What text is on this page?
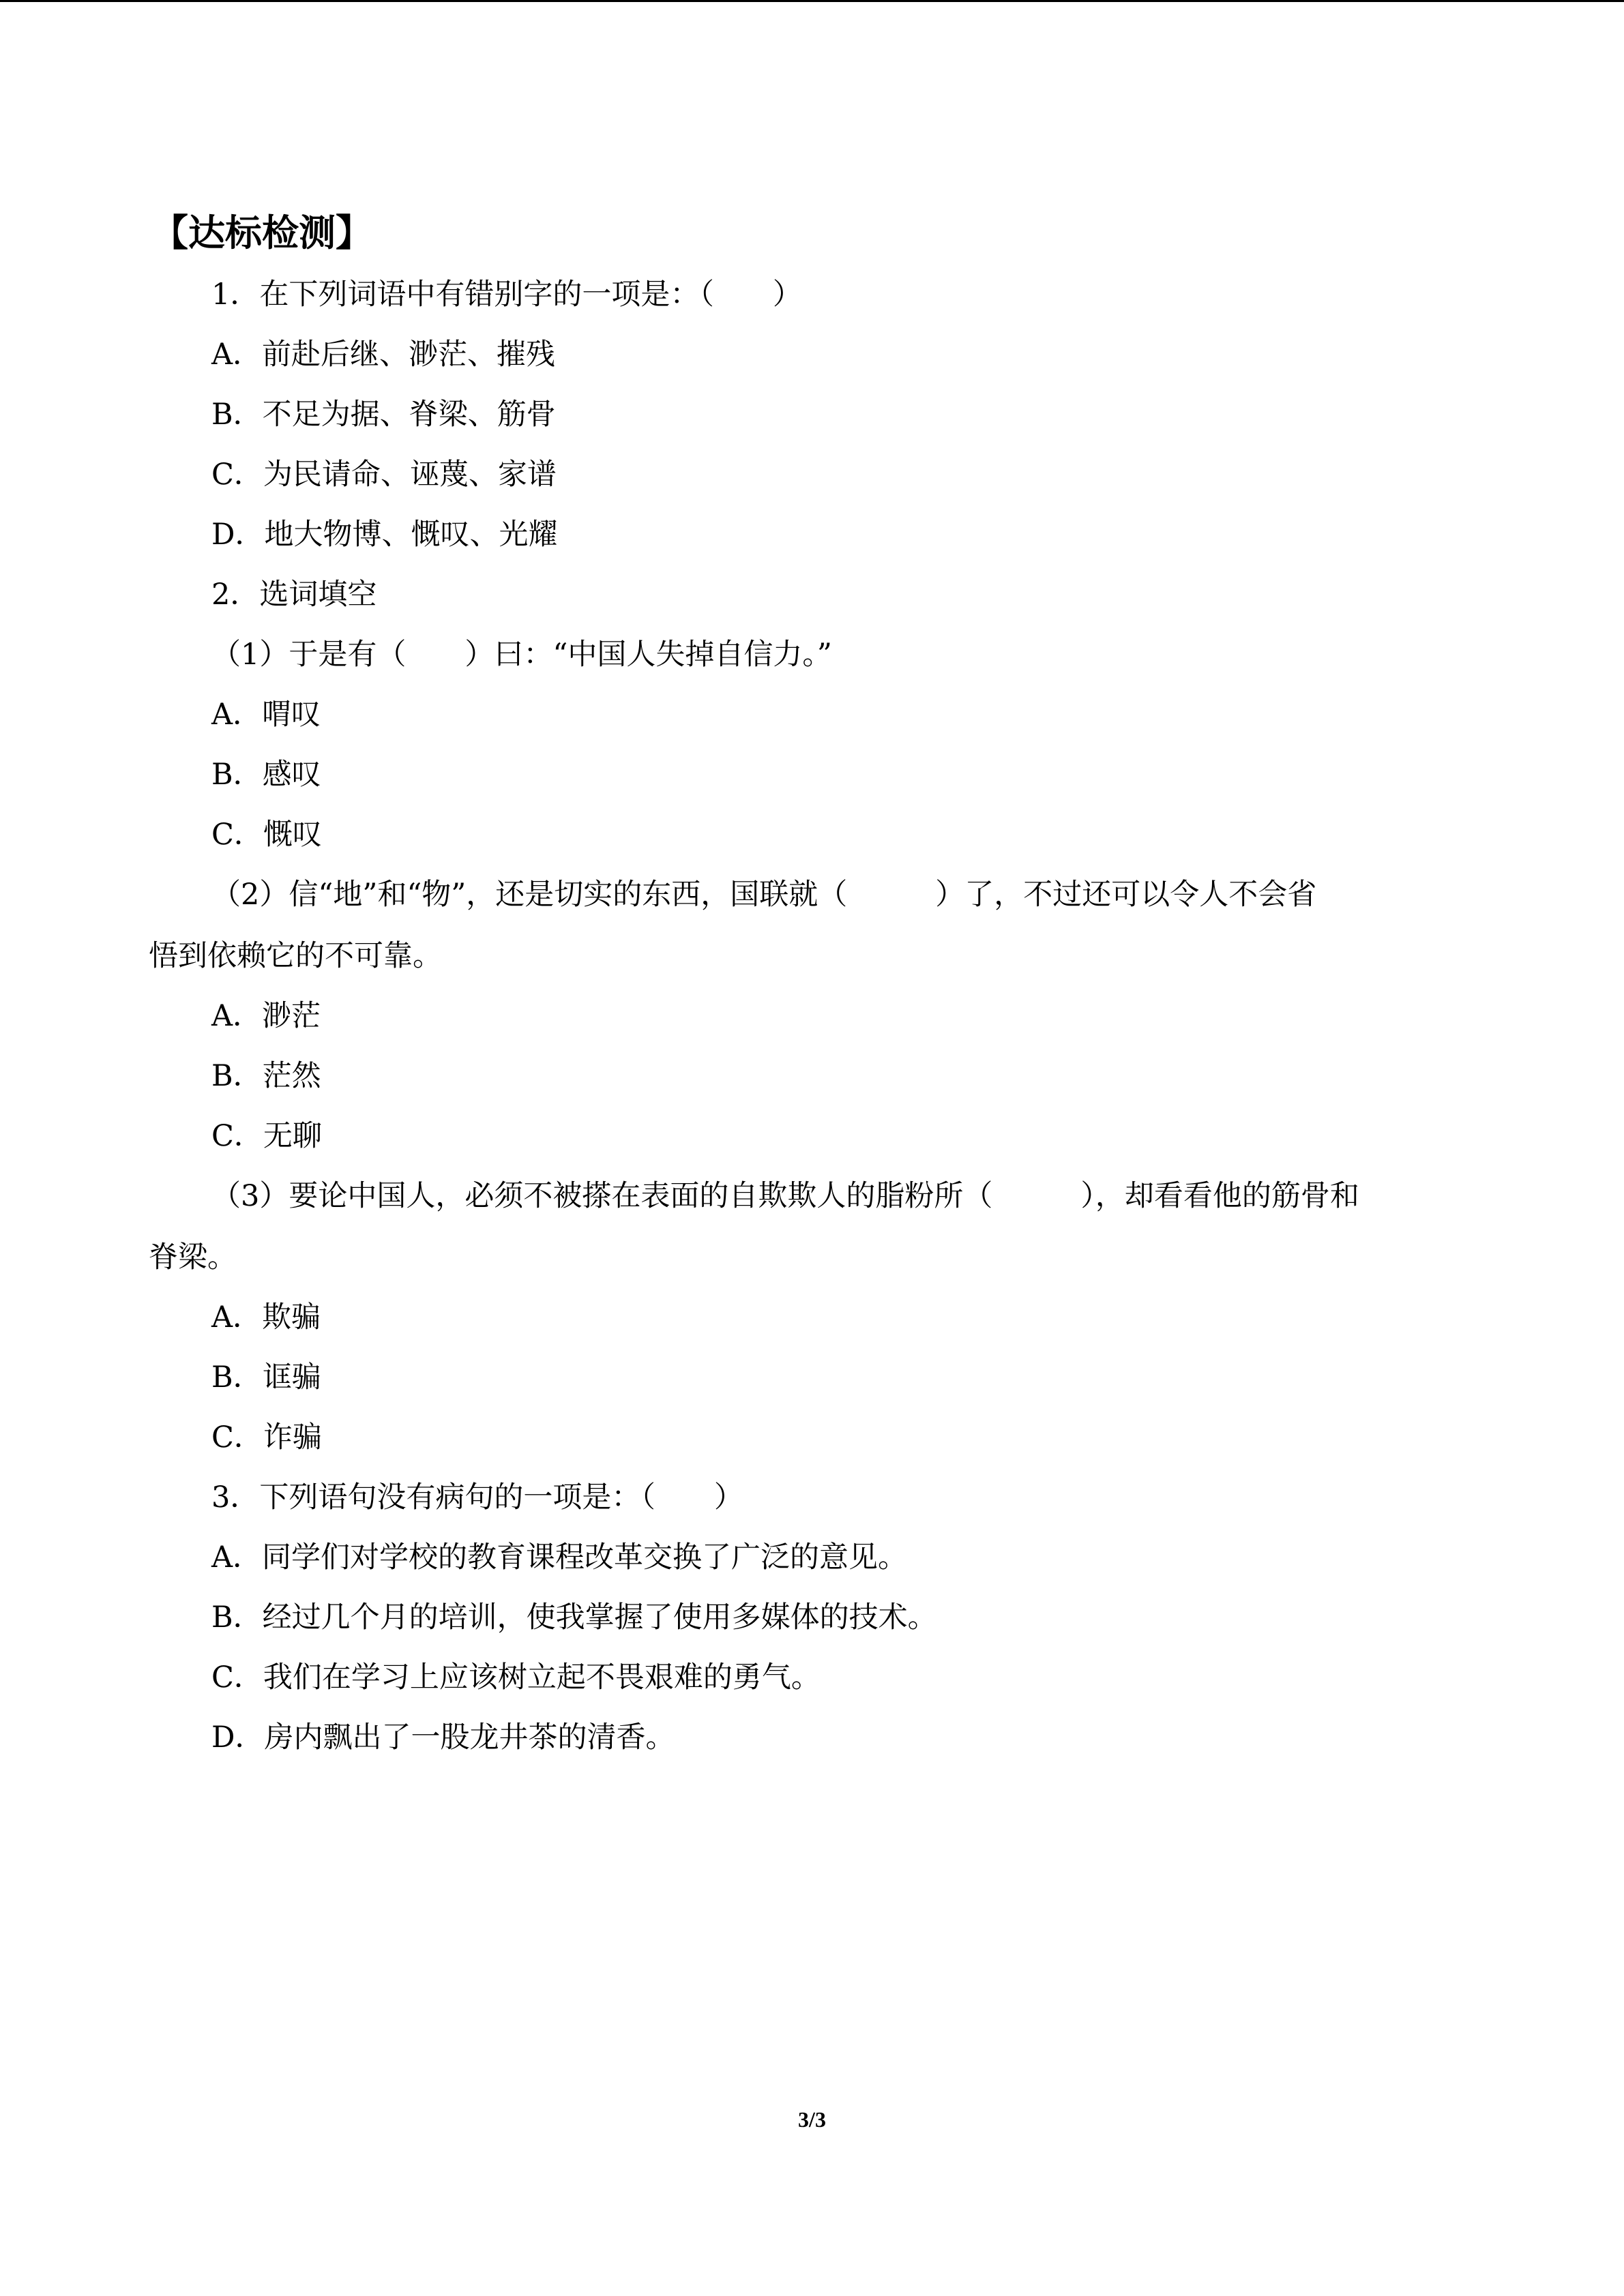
【达标检测】
1．在下列词语中有错别字的一项是：（　　）
A．前赴后继、渺茫、摧残
B．不足为据、脊梁、筋骨
C．为民请命、诬蔑、家谱
D．地大物博、慨叹、光耀
2．选词填空
（1）于是有（　　）曰：“中国人失掉自信力。”
A．喟叹
B．感叹
C．慨叹
（2）信“地”和“物”，还是切实的东西，国联就（　　　）了，不过还可以令人不会省
悟到依赖它的不可靠。
A．渺茫
B．茫然
C．无聊
（3）要论中国人，必须不被搽在表面的自欺欺人的脂粉所（　　　），却看看他的筋骨和
脊梁。
A．欺骗
B．诓骗
C．诈骗
3．下列语句没有病句的一项是：（　　）
A．同学们对学校的教育课程改革交换了广泛的意见。
B．经过几个月的培训，使我掌握了使用多媒体的技术。
C．我们在学习上应该树立起不畏艰难的勇气。
D．房内飘出了一股龙井茶的清香。
3/3
